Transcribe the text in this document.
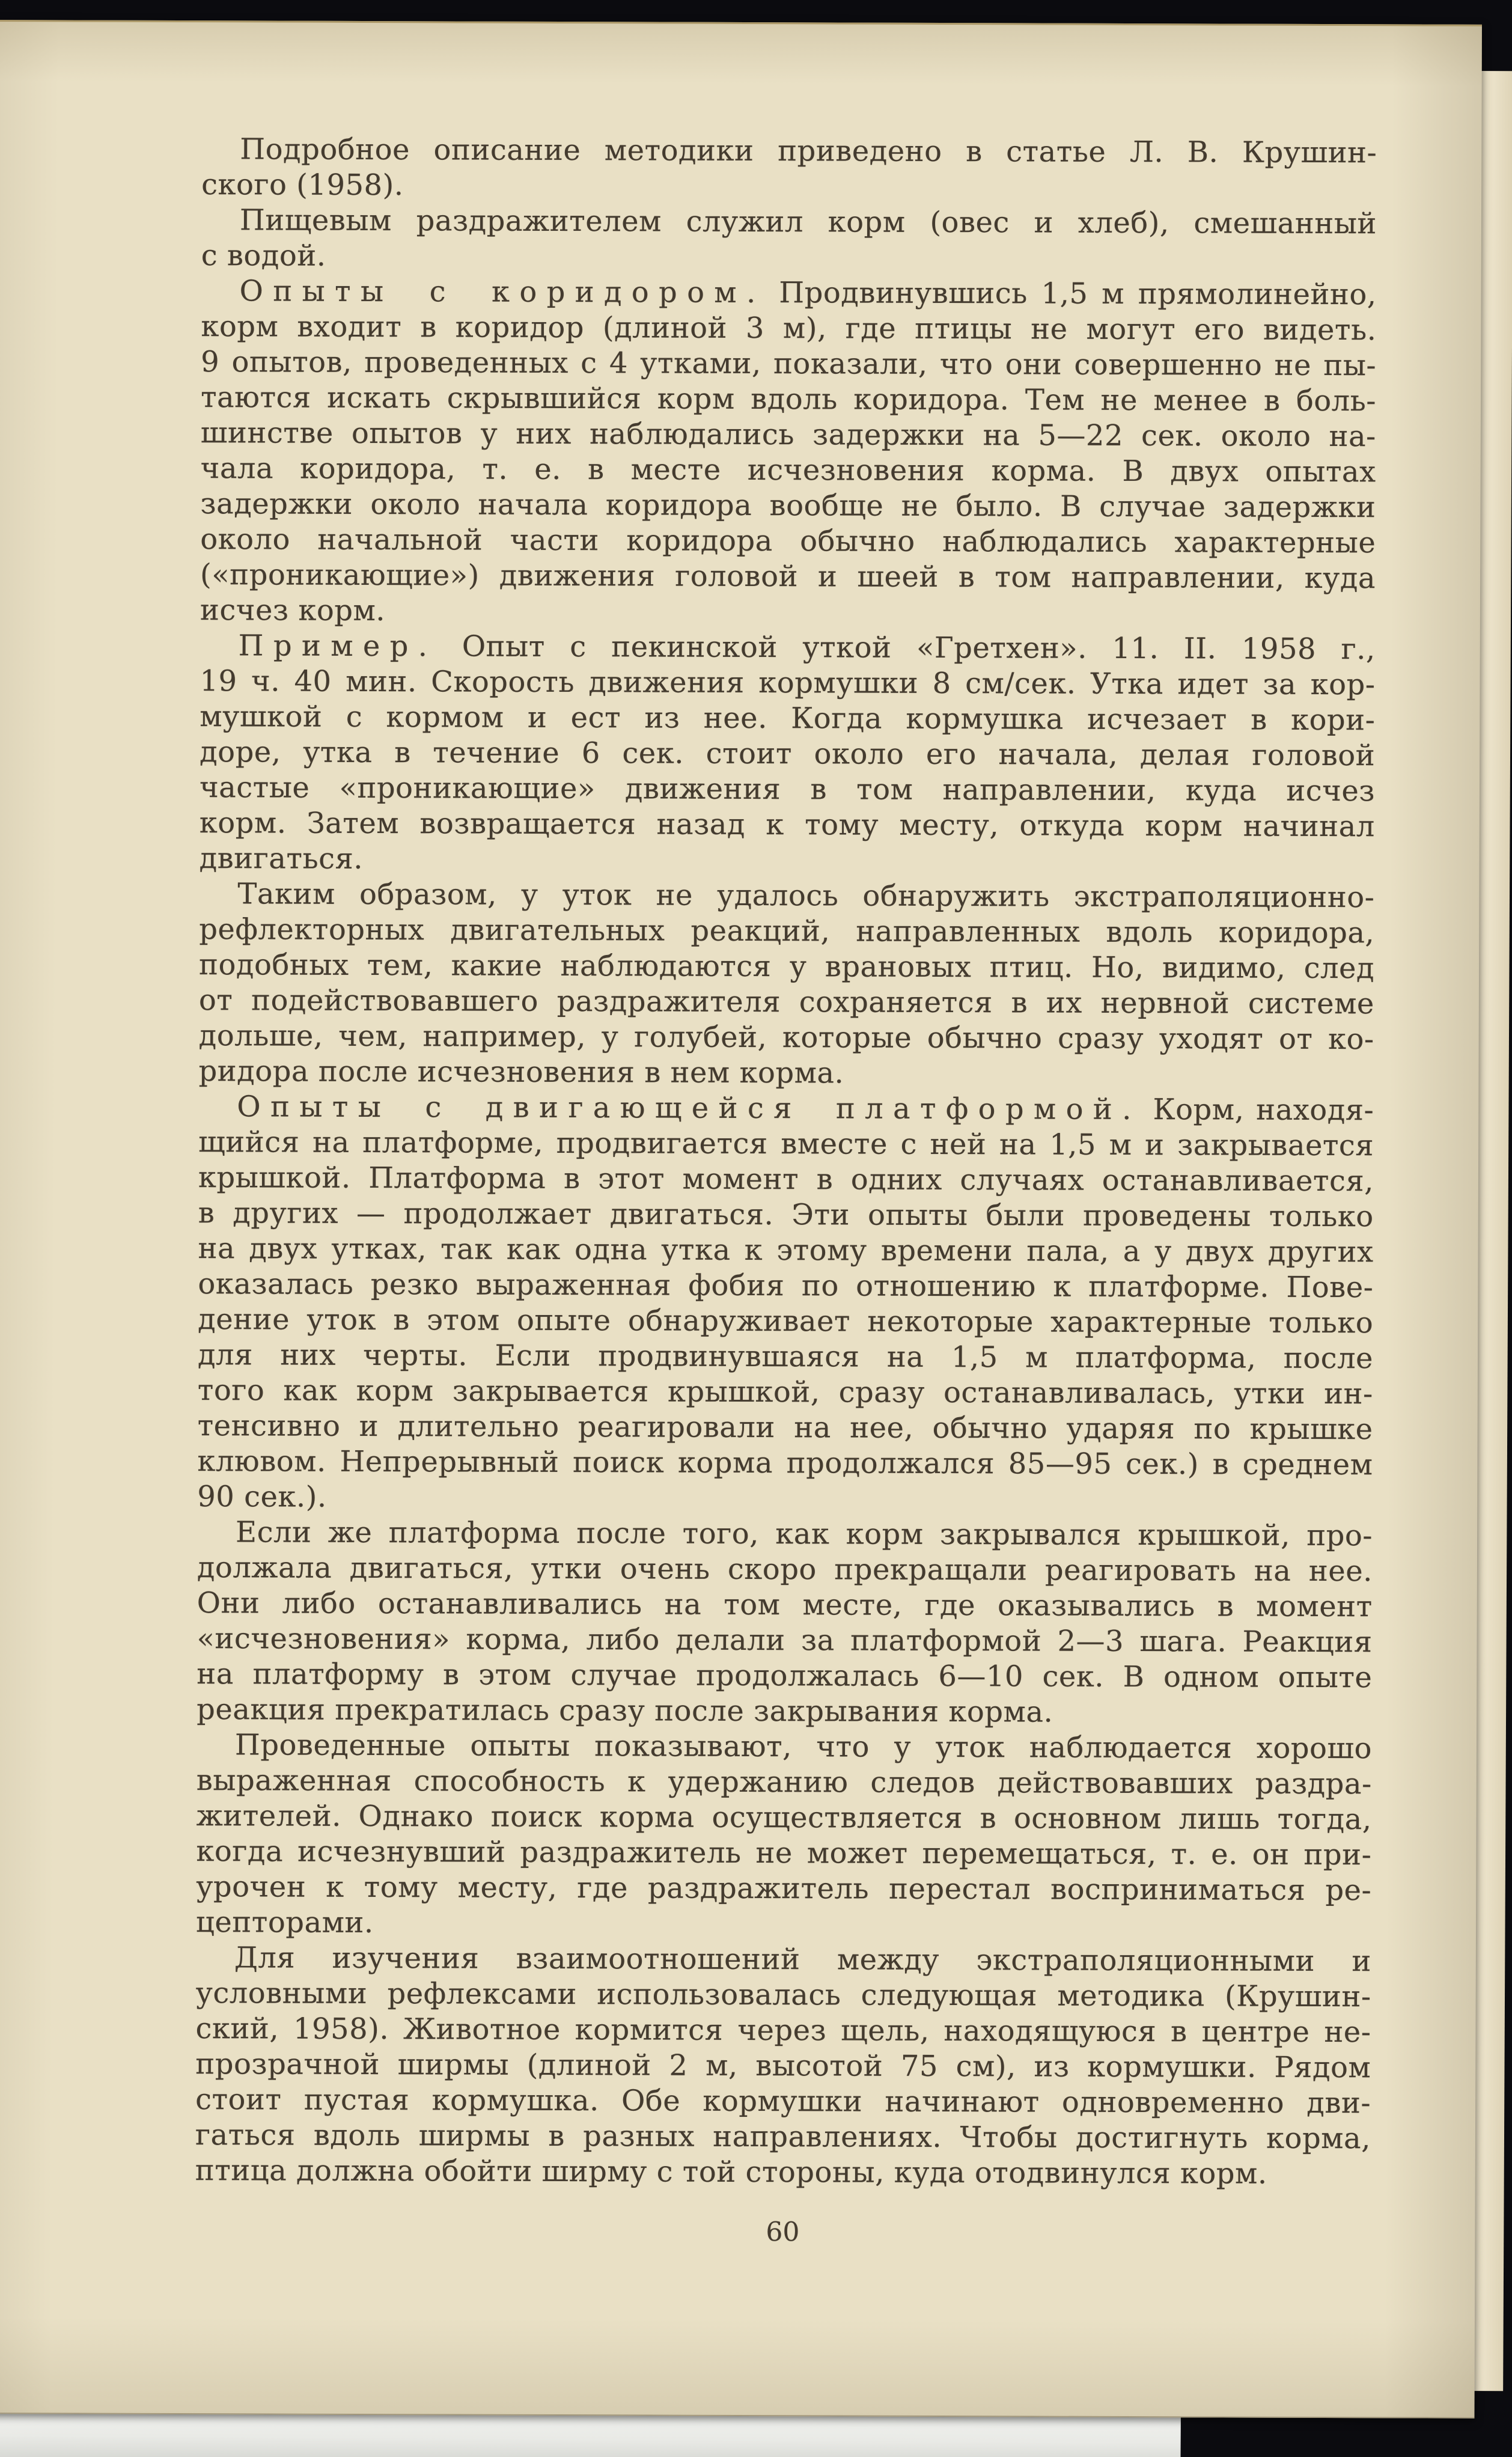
Подробное описание методики приведено в статье Л. В. Крушин-
ского (1958).
Пищевым раздражителем служил корм (овес и хлеб), смешанный
с водой.
Опыты с коридором. Продвинувшись 1,5 м прямолинейно,
корм входит в коридор (длиной 3 м), где птицы не могут его видеть.
9 опытов, проведенных с 4 утками, показали, что они совершенно не пы-
таются искать скрывшийся корм вдоль коридора. Тем не менее в боль-
шинстве опытов у них наблюдались задержки на 5—22 сек. около на-
чала коридора, т. е. в месте исчезновения корма. В двух опытах
задержки около начала коридора вообще не было. В случае задержки
около начальной части коридора обычно наблюдались характерные
(«проникающие») движения головой и шеей в том направлении, куда
исчез корм.
Пример. Опыт с пекинской уткой «Гретхен». 11. II. 1958 г.,
19 ч. 40 мин. Скорость движения кормушки 8 см/сек. Утка идет за кор-
мушкой с кормом и ест из нее. Когда кормушка исчезает в кори-
доре, утка в течение 6 сек. стоит около его начала, делая головой
частые «проникающие» движения в том направлении, куда исчез
корм. Затем возвращается назад к тому месту, откуда корм начинал
двигаться.
Таким образом, у уток не удалось обнаружить экстраполяционно-
рефлекторных двигательных реакций, направленных вдоль коридора,
подобных тем, какие наблюдаются у врановых птиц. Но, видимо, след
от подействовавшего раздражителя сохраняется в их нервной системе
дольше, чем, например, у голубей, которые обычно сразу уходят от ко-
ридора после исчезновения в нем корма.
Опыты с двигающейся платформой. Корм, находя-
щийся на платформе, продвигается вместе с ней на 1,5 м и закрывается
крышкой. Платформа в этот момент в одних случаях останавливается,
в других — продолжает двигаться. Эти опыты были проведены только
на двух утках, так как одна утка к этому времени пала, а у двух других
оказалась резко выраженная фобия по отношению к платформе. Пове-
дение уток в этом опыте обнаруживает некоторые характерные только
для них черты. Если продвинувшаяся на 1,5 м платформа, после
того как корм закрывается крышкой, сразу останавливалась, утки ин-
тенсивно и длительно реагировали на нее, обычно ударяя по крышке
клювом. Непрерывный поиск корма продолжался 85—95 сек.) в среднем
90 сек.).
Если же платформа после того, как корм закрывался крышкой, про-
должала двигаться, утки очень скоро прекращали реагировать на нее.
Они либо останавливались на том месте, где оказывались в момент
«исчезновения» корма, либо делали за платформой 2—3 шага. Реакция
на платформу в этом случае продолжалась 6—10 сек. В одном опыте
реакция прекратилась сразу после закрывания корма.
Проведенные опыты показывают, что у уток наблюдается хорошо
выраженная способность к удержанию следов действовавших раздра-
жителей. Однако поиск корма осуществляется в основном лишь тогда,
когда исчезнувший раздражитель не может перемещаться, т. е. он при-
урочен к тому месту, где раздражитель перестал восприниматься ре-
цепторами.
Для изучения взаимоотношений между экстраполяционными и
условными рефлексами использовалась следующая методика (Крушин-
ский, 1958). Животное кормится через щель, находящуюся в центре не-
прозрачной ширмы (длиной 2 м, высотой 75 см), из кормушки. Рядом
стоит пустая кормушка. Обе кормушки начинают одновременно дви-
гаться вдоль ширмы в разных направлениях. Чтобы достигнуть корма,
птица должна обойти ширму с той стороны, куда отодвинулся корм.
60
